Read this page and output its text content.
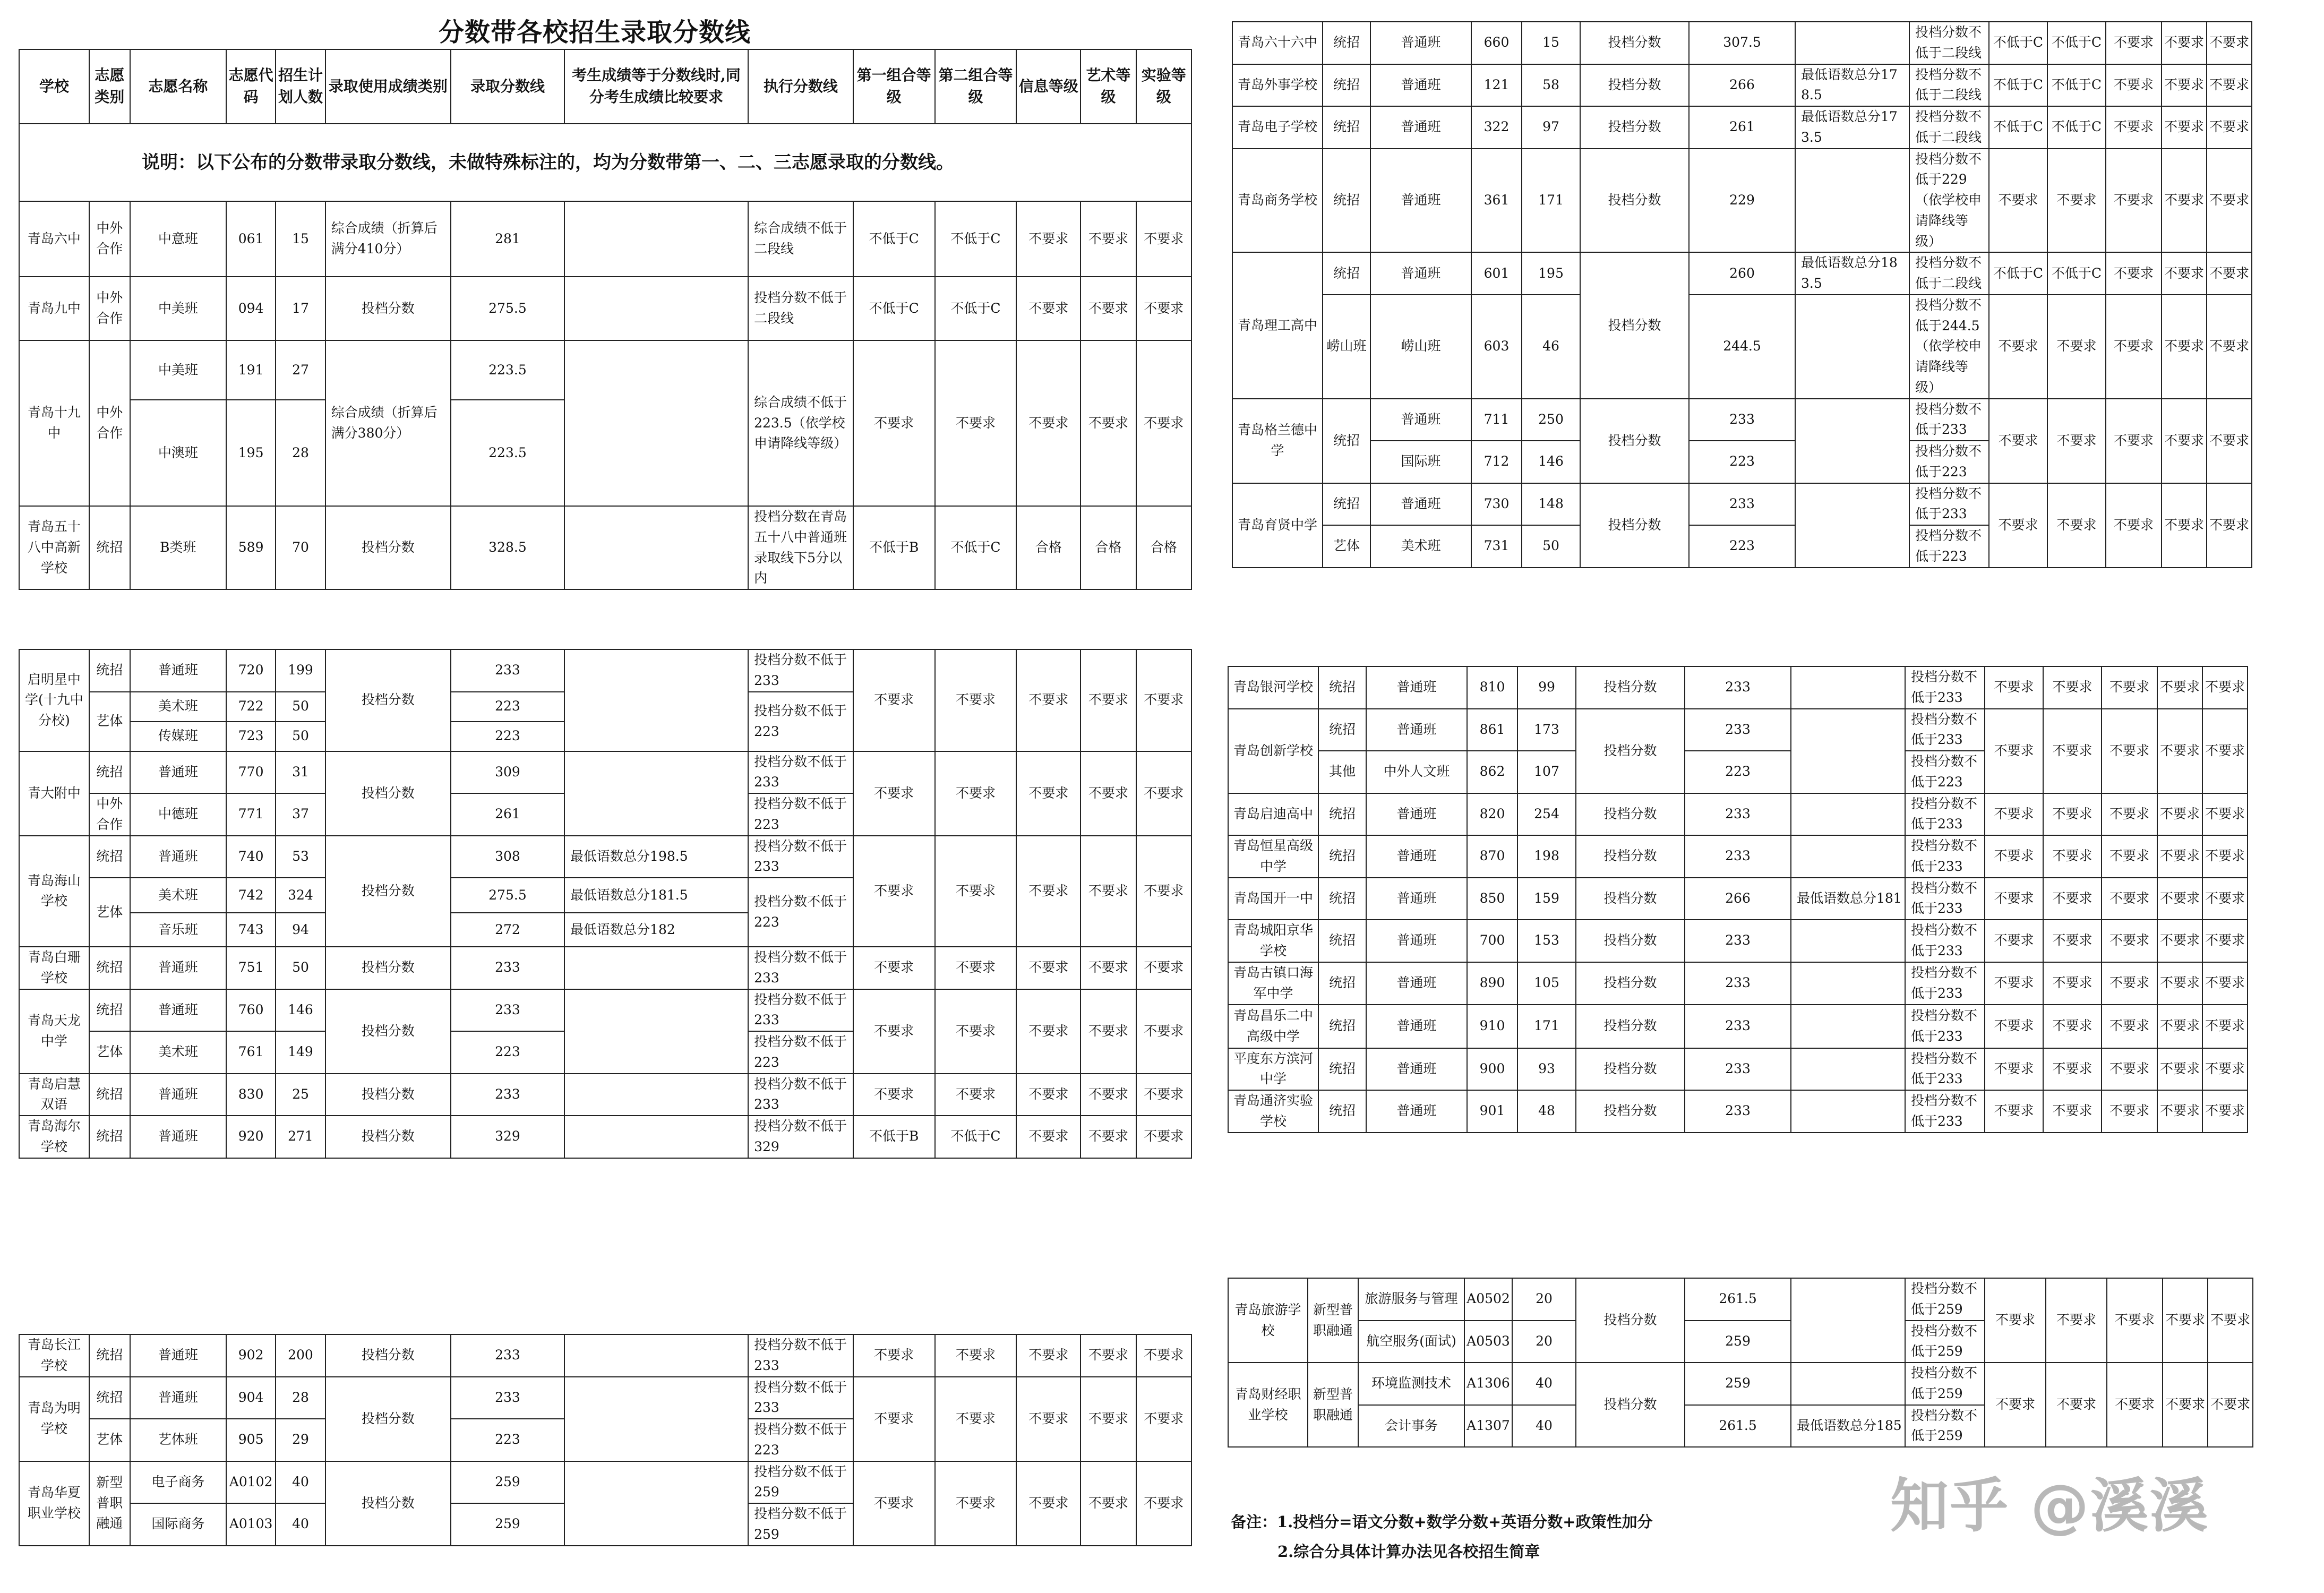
分数带各校招生录取分数线
学校	志愿类别	志愿名称	志愿代码	招生计划人数	录取使用成绩类别	录取分数线	考生成绩等于分数线时,同分考生成绩比较要求	执行分数线	第一组合等级	第二组合等级	信息等级	艺术等级	实验等级
说明：以下公布的分数带录取分数线，未做特殊标注的，均为分数带第一、二、三志愿录取的分数线。													
青岛六中	中外合作	中意班	061	15	综合成绩（折算后满分410分）	281		综合成绩不低于二段线	不低于C	不低于C	不要求	不要求	不要求
青岛九中	中外合作	中美班	094	17	投档分数	275.5		投档分数不低于二段线	不低于C	不低于C	不要求	不要求	不要求
青岛十九中	中外合作	中美班	191	27	综合成绩（折算后满分380分）	223.5		综合成绩不低于223.5（依学校申请降线等级）	不要求	不要求	不要求	不要求	不要求
		中澳班	195	28		223.5							
青岛五十八中高新学校	统招	B类班	589	70	投档分数	328.5		投档分数在青岛五十八中普通班录取线下5分以内	不低于B	不低于C	合格	合格	合格
启明星中学(十九中分校)	统招	普通班	720	199	投档分数	233		投档分数不低于233	不要求	不要求	不要求	不要求	不要求
	艺体	美术班	722	50		223		投档分数不低于223					
		传媒班	723	50		223							
青大附中	统招	普通班	770	31	投档分数	309		投档分数不低于233	不要求	不要求	不要求	不要求	不要求
	中外合作	中德班	771	37		261		投档分数不低于223					
青岛海山学校	统招	普通班	740	53	投档分数	308	最低语数总分198.5	投档分数不低于233	不要求	不要求	不要求	不要求	不要求
	艺体	美术班	742	324		275.5	最低语数总分181.5	投档分数不低于223					
		音乐班	743	94		272	最低语数总分182						
青岛白珊学校	统招	普通班	751	50	投档分数	233		投档分数不低于233	不要求	不要求	不要求	不要求	不要求
青岛天龙中学	统招	普通班	760	146	投档分数	233		投档分数不低于233	不要求	不要求	不要求	不要求	不要求
	艺体	美术班	761	149		223		投档分数不低于223					
青岛启慧双语	统招	普通班	830	25	投档分数	233		投档分数不低于233	不要求	不要求	不要求	不要求	不要求
青岛海尔学校	统招	普通班	920	271	投档分数	329		投档分数不低于329	不低于B	不低于C	不要求	不要求	不要求
青岛长江学校	统招	普通班	902	200	投档分数	233		投档分数不低于233	不要求	不要求	不要求	不要求	不要求
青岛为明学校	统招	普通班	904	28	投档分数	233		投档分数不低于233	不要求	不要求	不要求	不要求	不要求
	艺体	艺体班	905	29		223		投档分数不低于223					
青岛华夏职业学校	新型普职融通	电子商务	A0102	40	投档分数	259		投档分数不低于259	不要求	不要求	不要求	不要求	不要求
		国际商务	A0103	40		259		投档分数不低于259					
青岛六十六中	统招	普通班	660	15	投档分数	307.5		投档分数不低于二段线	不低于C	不低于C	不要求	不要求	不要求
青岛外事学校	统招	普通班	121	58	投档分数	266	最低语数总分178.5	投档分数不低于二段线	不低于C	不低于C	不要求	不要求	不要求
青岛电子学校	统招	普通班	322	97	投档分数	261	最低语数总分173.5	投档分数不低于二段线	不低于C	不低于C	不要求	不要求	不要求
青岛商务学校	统招	普通班	361	171	投档分数	229		投档分数不低于229（依学校申请降线等级）	不要求	不要求	不要求	不要求	不要求
青岛理工高中	统招	普通班	601	195	投档分数	260	最低语数总分183.5	投档分数不低于二段线	不低于C	不低于C	不要求	不要求	不要求
	崂山班	崂山班	603	46		244.5		投档分数不低于244.5（依学校申请降线等级）	不要求	不要求	不要求	不要求	不要求
青岛格兰德中学	统招	普通班	711	250	投档分数	233		投档分数不低于233	不要求	不要求	不要求	不要求	不要求
		国际班	712	146		223		投档分数不低于223					
青岛育贤中学	统招	普通班	730	148	投档分数	233		投档分数不低于233	不要求	不要求	不要求	不要求	不要求
	艺体	美术班	731	50		223		投档分数不低于223					
青岛银河学校	统招	普通班	810	99	投档分数	233		投档分数不低于233	不要求	不要求	不要求	不要求	不要求
青岛创新学校	统招	普通班	861	173	投档分数	233		投档分数不低于233	不要求	不要求	不要求	不要求	不要求
	其他	中外人文班	862	107		223		投档分数不低于223					
青岛启迪高中	统招	普通班	820	254	投档分数	233		投档分数不低于233	不要求	不要求	不要求	不要求	不要求
青岛恒星高级中学	统招	普通班	870	198	投档分数	233		投档分数不低于233	不要求	不要求	不要求	不要求	不要求
青岛国开一中	统招	普通班	850	159	投档分数	266	最低语数总分181	投档分数不低于233	不要求	不要求	不要求	不要求	不要求
青岛城阳京华学校	统招	普通班	700	153	投档分数	233		投档分数不低于233	不要求	不要求	不要求	不要求	不要求
青岛古镇口海军中学	统招	普通班	890	105	投档分数	233		投档分数不低于233	不要求	不要求	不要求	不要求	不要求
青岛昌乐二中高级中学	统招	普通班	910	171	投档分数	233		投档分数不低于233	不要求	不要求	不要求	不要求	不要求
平度东方滨河中学	统招	普通班	900	93	投档分数	233		投档分数不低于233	不要求	不要求	不要求	不要求	不要求
青岛通济实验学校	统招	普通班	901	48	投档分数	233		投档分数不低于233	不要求	不要求	不要求	不要求	不要求
青岛旅游学校	新型普职融通	旅游服务与管理	A0502	20	投档分数	261.5		投档分数不低于259	不要求	不要求	不要求	不要求	不要求
		航空服务(面试)	A0503	20		259		投档分数不低于259					
青岛财经职业学校	新型普职融通	环境监测技术	A1306	40	投档分数	259		投档分数不低于259	不要求	不要求	不要求	不要求	不要求
		会计事务	A1307	40		261.5	最低语数总分185	投档分数不低于259					
备注：1.投档分=语文分数+数学分数+英语分数+政策性加分
2.综合分具体计算办法见各校招生简章
知乎 @溪溪
